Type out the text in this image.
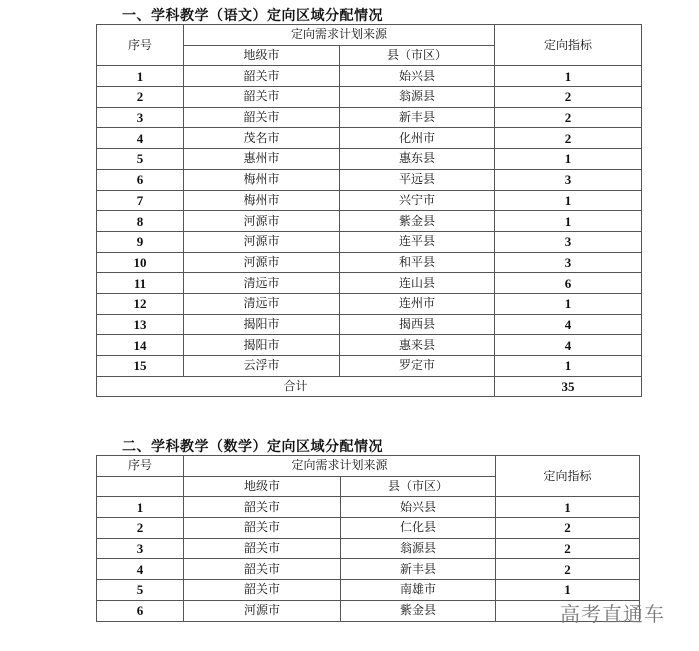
一、学科教学（语文）定向区域分配情况
序号	定向需求计划来源		定向指标
	地级市	县（市区）	
1	韶关市	始兴县	1
2	韶关市	翁源县	2
3	韶关市	新丰县	2
4	茂名市	化州市	2
5	惠州市	惠东县	1
6	梅州市	平远县	3
7	梅州市	兴宁市	1
8	河源市	紫金县	1
9	河源市	连平县	3
10	河源市	和平县	3
11	清远市	连山县	6
12	清远市	连州市	1
13	揭阳市	揭西县	4
14	揭阳市	惠来县	4
15	云浮市	罗定市	1
合计			35
二、学科教学（数学）定向区域分配情况
序号	定向需求计划来源		定向指标
	地级市	县（市区）	
1	韶关市	始兴县	1
2	韶关市	仁化县	2
3	韶关市	翁源县	2
4	韶关市	新丰县	2
5	韶关市	南雄市	1
6	河源市	紫金县		高考直通车
